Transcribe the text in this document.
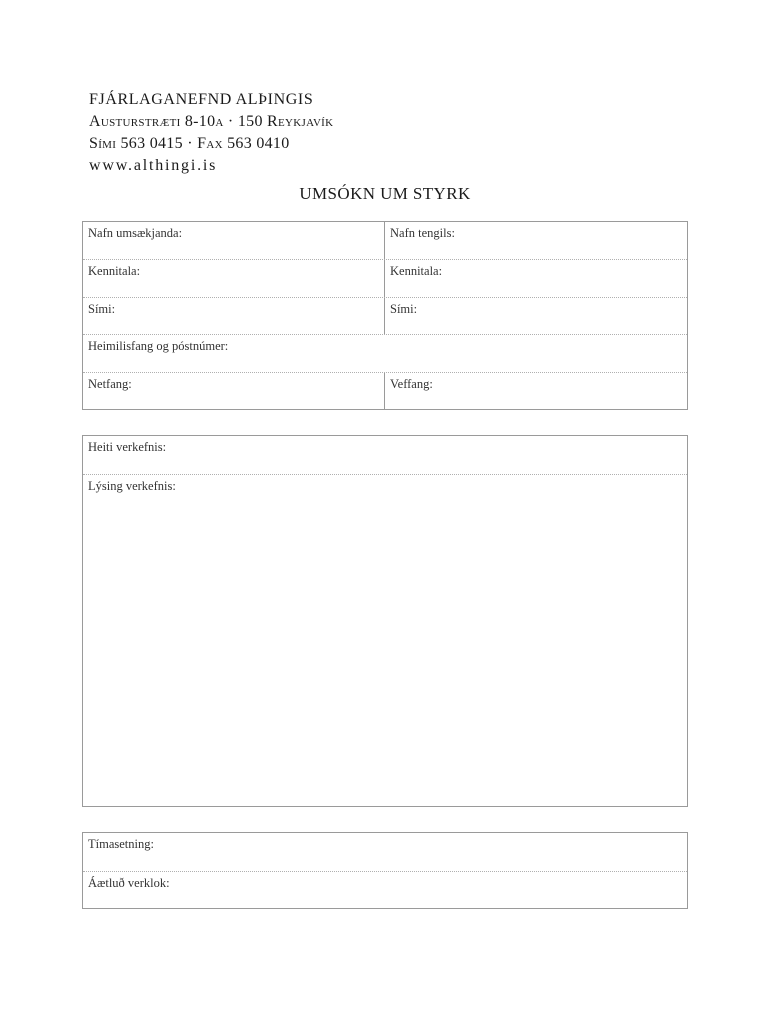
FJÁRLAGANEFND ALÞINGIS
Austurstræti 8-10a · 150 Reykjavík
Sími 563 0415 · Fax 563 0410
www.althingi.is
UMSÓKN UM STYRK
Nafn umsækjanda:	Nafn tengils:
Kennitala:	Kennitala:
Sími:	Sími:
Heimilisfang og póstnúmer:
Netfang:	Veffang:
Heiti verkefnis:
Lýsing verkefnis:
Tímasetning:
Áætluð verklok:
